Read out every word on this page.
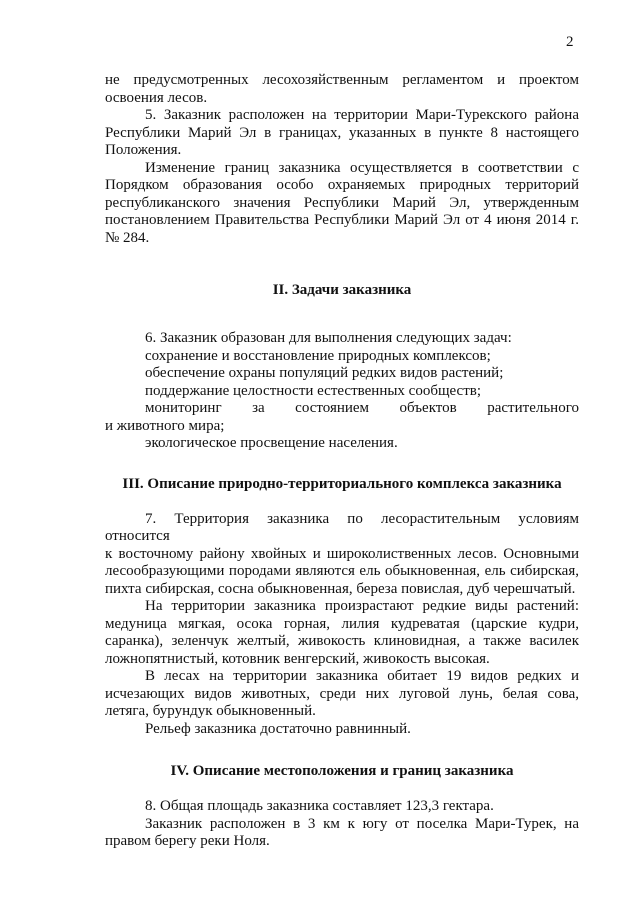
2

не предусмотренных лесохозяйственным регламентом и проектом освоения лесов.

5. Заказник расположен на территории Мари-Турекского района Республики Марий Эл в границах, указанных в пункте 8 настоящего Положения.

Изменение границ заказника осуществляется в соответствии с Порядком образования особо охраняемых природных территорий республиканского значения Республики Марий Эл, утвержденным постановлением Правительства Республики Марий Эл от 4 июня 2014 г. № 284.

II. Задачи заказника

6. Заказник образован для выполнения следующих задач:

сохранение и восстановление природных комплексов;

обеспечение охраны популяций редких видов растений;

поддержание целостности естественных сообществ;

мониторинг за состоянием объектов растительного

и животного мира;

экологическое просвещение населения.

III. Описание природно-территориального комплекса заказника

7. Территория заказника по лесорастительным условиям

относится

к восточному району хвойных и широколиственных лесов. Основными лесообразующими породами являются ель обыкновенная, ель сибирская, пихта сибирская, сосна обыкновенная, береза повислая, дуб черешчатый.

На территории заказника произрастают редкие виды растений: медуница мягкая, осока горная, лилия кудреватая (царские кудри, саранка), зеленчук желтый, живокость клиновидная, а также василек ложнопятнистый, котовник венгерский, живокость высокая.

В лесах на территории заказника обитает 19 видов редких и исчезающих видов животных, среди них луговой лунь, белая сова, летяга, бурундук обыкновенный.

Рельеф заказника достаточно равнинный.

IV. Описание местоположения и границ заказника

8. Общая площадь заказника составляет 123,3 гектара.

Заказник расположен в 3 км к югу от поселка Мари-Турек, на правом берегу реки Ноля.
